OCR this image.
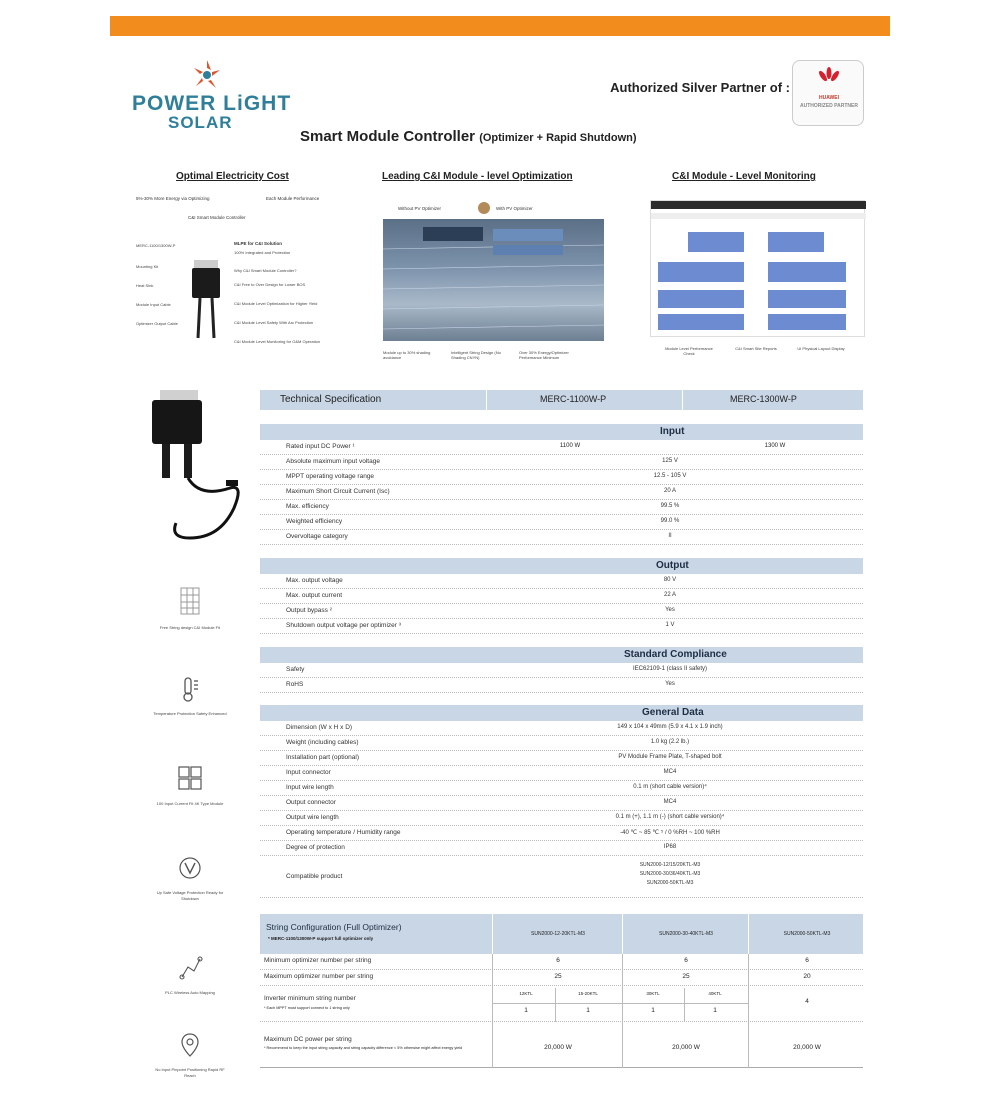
POWER LiGHT
SOLAR
Authorized Silver Partner of :
HUAWEI
AUTHORIZED PARTNER
Smart Module Controller (Optimizer + Rapid Shutdown)
Optimal Electricity Cost
5%-30% More Energy via Optimizing	Each Module Performance
C&I Smart Module Controller
MERC-1100/1300W-P	MLPE for C&I Solution
100% Integrated and Protection
Why C&I Smart Module Controller?
C&I Free to Over Design for Lower BOS
C&I Module Level Optimization for Higher Yield
C&I Module Level Safety With Arc Protection
C&I Module Level Monitoring for O&M Operation
Mounting Kit
Heat Sink
Module Input Cable
Optimizer Output Cable
Leading C&I Module - level Optimization
Without PV Optimizer	With PV Optimizer
Module up to 30% shading avoidance
Intelligent String Design (No Shading CNYN)
Over 30% Energy/Optimizer Performance Minimum
C&I Module - Level Monitoring
Module Level Performance Check
C&I Smart Site Reports	UI Physical Layout Display
Free String design C&I Module Fit
Temperature Protection Safety Enhanced
100 Input Current Fit 4K Type Module
Up Safe Voltage Protection Ready for Shutdown
PLC Wireless Auto Mapping
No Input Pinpoint Positioning Rapid RF Reach
Technical Specification	MERC-1100W-P	MERC-1300W-P
Input
Rated input DC Power ¹	1100 W	1300 W
Absolute maximum input voltage	125 V
MPPT operating voltage range	12.5 - 105 V
Maximum Short Circuit Current (Isc)	20 A
Max. efficiency	99.5 %
Weighted efficiency	99.0 %
Overvoltage category	II
Output
Max. output voltage	80 V
Max. output current	22 A
Output bypass ²	Yes
Shutdown output voltage per optimizer ³	1 V
Standard Compliance
Safety	IEC62109-1 (class II safety)
RoHS	Yes
General Data
Dimension (W x H x D)	149 x 104 x 49mm (5.9 x 4.1 x 1.9 inch)
Weight (including cables)	1.0 kg (2.2 lb.)
Installation part (optional)	PV Module Frame Plate, T-shaped bolt
Input connector	MC4
Input wire length	0.1 m (short cable version)⁴
Output connector	MC4
Output wire length	0.1 m (+), 1.1 m (-) (short cable version)⁴
Operating temperature / Humidity range	-40 ℃ ~ 85 ℃ ⁵ / 0 %RH ~ 100 %RH
Degree of protection	IP68
Compatible product
SUN2000-12/15/20KTL-M3
SUN2000-30/36/40KTL-M3
SUN2000-50KTL-M3
String Configuration (Full Optimizer)
* MERC-1100/1300W-P support full optimizer only
SUN2000-12-20KTL-M3	SUN2000-30-40KTL-M3	SUN2000-50KTL-M3
Minimum optimizer number per string	6	6	6
Maximum optimizer number per string	25	25	20
Inverter minimum string number
* Each MPPT must support connect to 1 string only
12KTL	15-20KTL	30KTL	40KTL
1	1	1	1
4
Maximum DC power per string
* Recommend to keep the input string capacity and string capacity difference < 5% otherwise might affect energy yield	20,000 W	20,000 W	20,000 W
